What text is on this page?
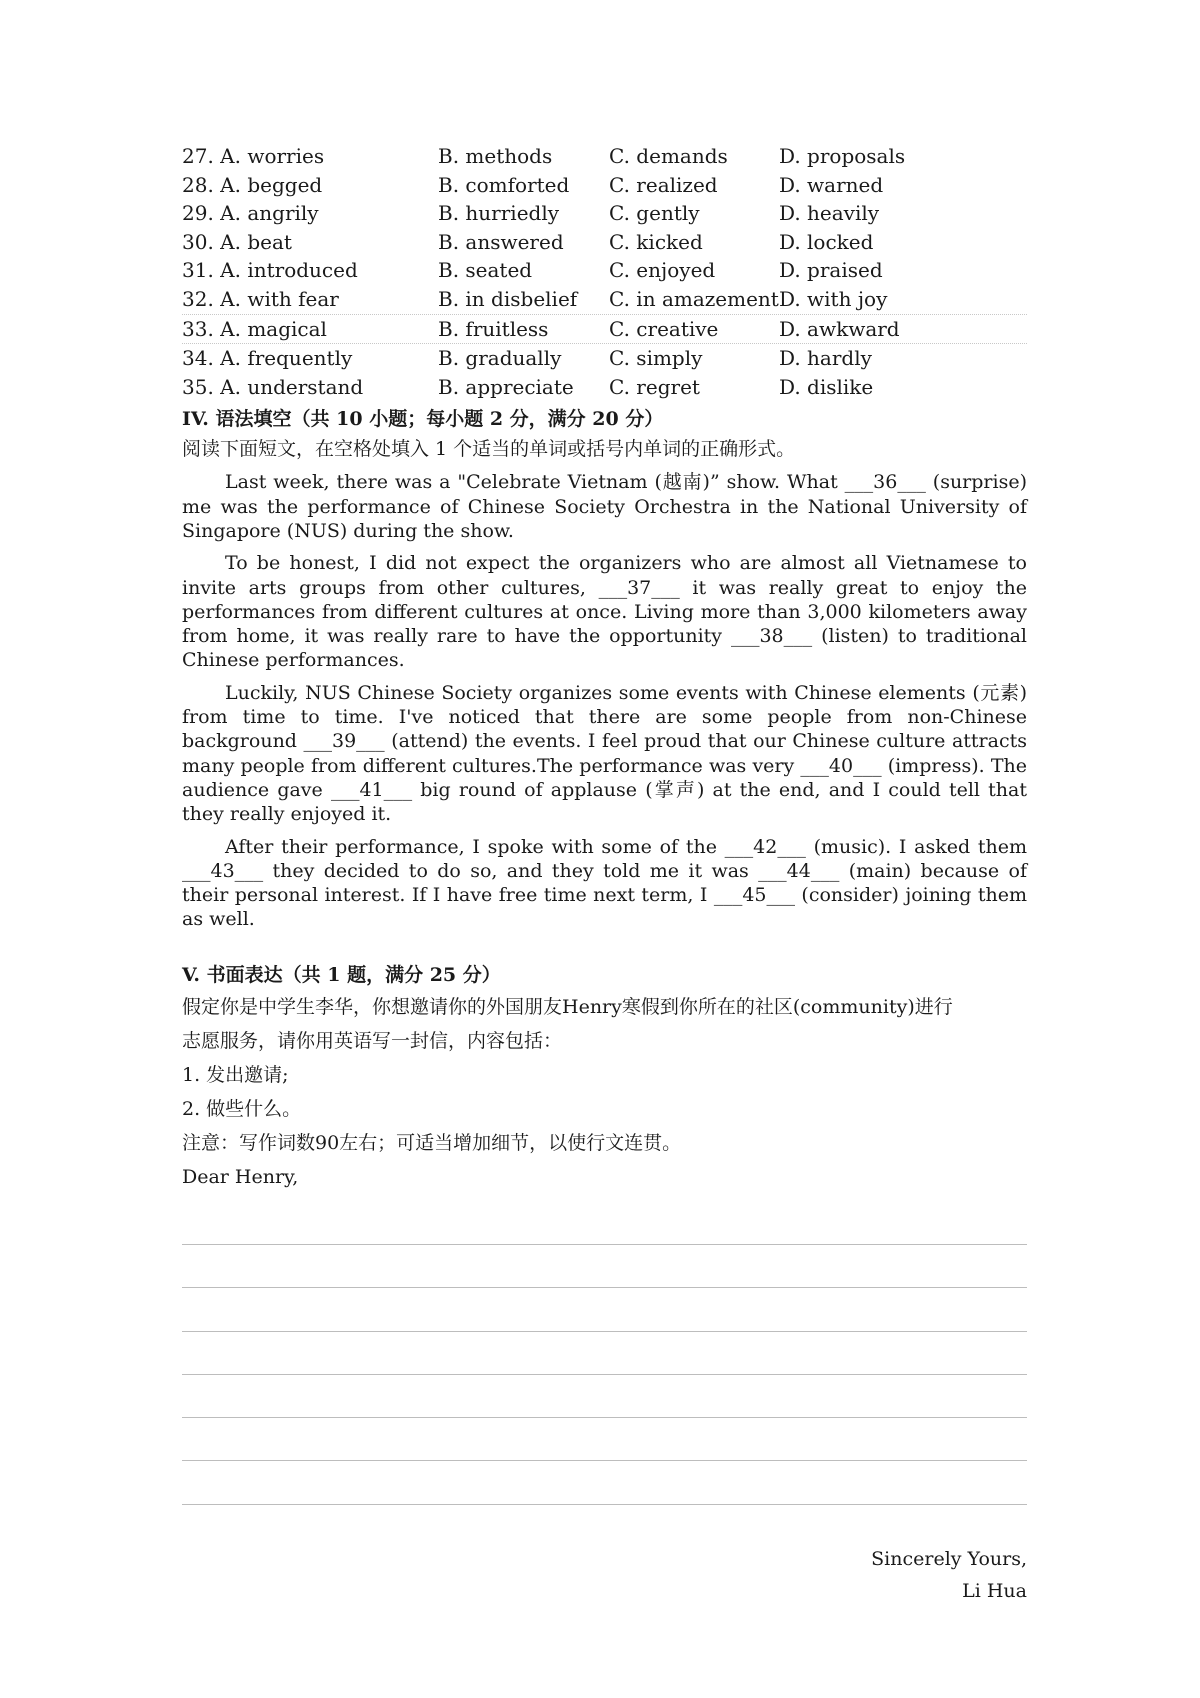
27. A. worries	B. methods	C. demands	D. proposals
28. A. begged	B. comforted C. realized	D. warned
29. A. angrily	B. hurriedly C. gently	D. heavily
30. A. beat	B. answered C. kicked	D. locked
31. A. introduced	B. seated	C. enjoyed	D. praised
32. A. with fear	B. in disbelief C. in amazement D. with joy
33. A. magical	B. fruitless	C. creative	D. awkward
34. A. frequently	B. gradually C. simply	D. hardly
35. A. understand	B. appreciate C. regret	D. dislike
IV. 语法填空（共 10 小题；每小题 2 分，满分 20 分）
阅读下面短文，在空格处填入 1 个适当的单词或括号内单词的正确形式。

Last week, there was a "Celebrate Vietnam (越南)” show. What ___36___ (surprise) me was the performance of Chinese Society Orchestra in the National University of Singapore (NUS) during the show.

To be honest, I did not expect the organizers who are almost all Vietnamese to invite arts groups from other cultures, ___37___ it was really great to enjoy the performances from different cultures at once. Living more than 3,000 kilometers away from home, it was really rare to have the opportunity ___38___ (listen) to traditional Chinese performances.

Luckily, NUS Chinese Society organizes some events with Chinese elements (元素) from time to time. I've noticed that there are some people from non-Chinese background ___39___ (attend) the events. I feel proud that our Chinese culture attracts many people from different cultures.The performance was very ___40___ (impress). The audience gave ___41___ big round of applause (掌声) at the end, and I could tell that they really enjoyed it.

After their performance, I spoke with some of the ___42___ (music). I asked them ___43___ they decided to do so, and they told me it was ___44___ (main) because of their personal interest. If I have free time next term, I ___45___ (consider) joining them as well.

V. 书面表达（共 1 题，满分 25 分）
假定你是中学生李华，你想邀请你的外国朋友Henry寒假到你所在的社区(community)进行
志愿服务，请你用英语写一封信，内容包括：
1. 发出邀请;
2. 做些什么。
注意：写作词数90左右；可适当增加细节，以使行文连贯。
Dear Henry,
Sincerely Yours,
Li Hua
